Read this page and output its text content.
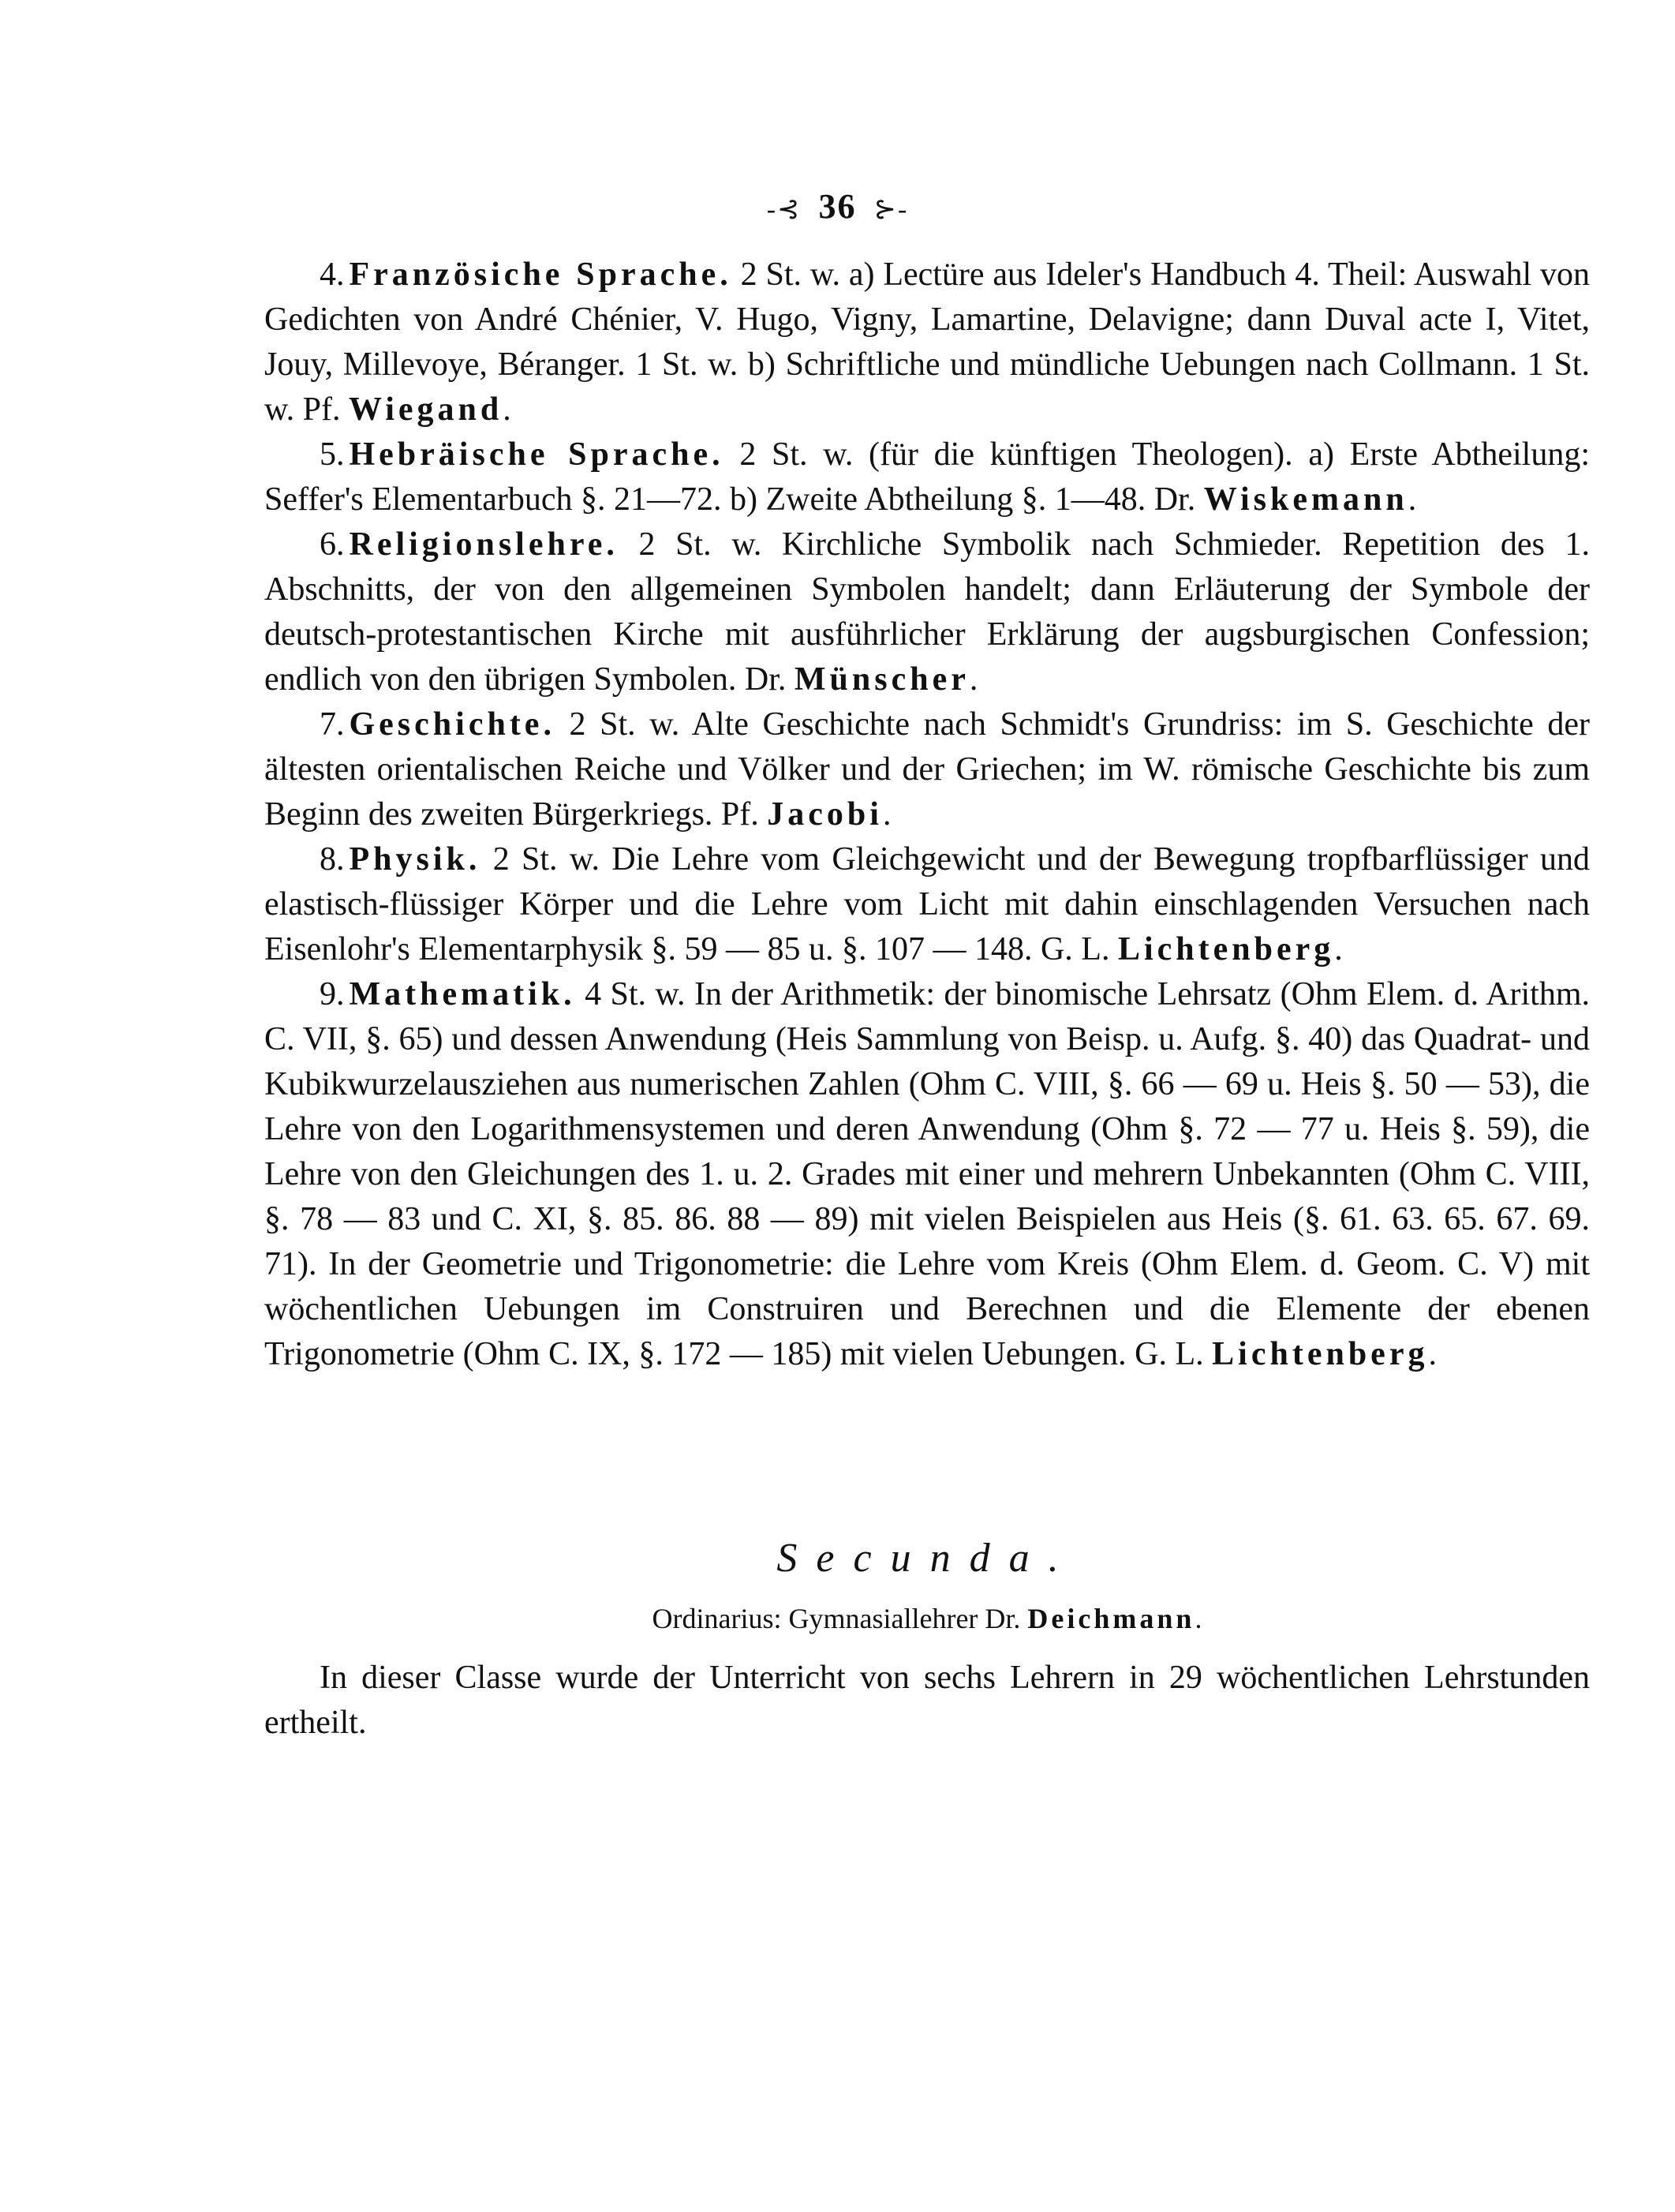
-⊰ 36 ⊱-

4. Französiche Sprache. 2 St. w. a) Lectüre aus Ideler's Handbuch 4. Theil: Auswahl von Gedichten von André Chénier, V. Hugo, Vigny, Lamartine, Delavigne; dann Duval acte I, Vitet, Jouy, Millevoye, Béranger. 1 St. w. b) Schriftliche und mündliche Uebungen nach Collmann. 1 St. w. Pf. Wiegand.

5. Hebräische Sprache. 2 St. w. (für die künftigen Theologen). a) Erste Abtheilung: Seffer's Elementarbuch §. 21—72. b) Zweite Abtheilung §. 1—48. Dr. Wiskemann.

6. Religionslehre. 2 St. w. Kirchliche Symbolik nach Schmieder. Repetition des 1. Abschnitts, der von den allgemeinen Symbolen handelt; dann Erläuterung der Symbole der deutsch-protestantischen Kirche mit ausführlicher Erklärung der augsburgischen Confession; endlich von den übrigen Symbolen. Dr. Münscher.

7. Geschichte. 2 St. w. Alte Geschichte nach Schmidt's Grundriss: im S. Geschichte der ältesten orientalischen Reiche und Völker und der Griechen; im W. römische Geschichte bis zum Beginn des zweiten Bürgerkriegs. Pf. Jacobi.

8. Physik. 2 St. w. Die Lehre vom Gleichgewicht und der Bewegung tropfbarflüssiger und elastisch-flüssiger Körper und die Lehre vom Licht mit dahin einschlagenden Versuchen nach Eisenlohr's Elementarphysik §. 59 — 85 u. §. 107 — 148. G. L. Lichtenberg.

9. Mathematik. 4 St. w. In der Arithmetik: der binomische Lehrsatz (Ohm Elem. d. Arithm. C. VII, §. 65) und dessen Anwendung (Heis Sammlung von Beisp. u. Aufg. §. 40) das Quadrat- und Kubikwurzelausziehen aus numerischen Zahlen (Ohm C. VIII, §. 66 — 69 u. Heis §. 50 — 53), die Lehre von den Logarithmensystemen und deren Anwendung (Ohm §. 72 — 77 u. Heis §. 59), die Lehre von den Gleichungen des 1. u. 2. Grades mit einer und mehrern Unbekannten (Ohm C. VIII, §. 78 — 83 und C. XI, §. 85. 86. 88 — 89) mit vielen Beispielen aus Heis (§. 61. 63. 65. 67. 69. 71). In der Geometrie und Trigonometrie: die Lehre vom Kreis (Ohm Elem. d. Geom. C. V) mit wöchentlichen Uebungen im Construiren und Berechnen und die Elemente der ebenen Trigonometrie (Ohm C. IX, §. 172 — 185) mit vielen Uebungen. G. L. Lichtenberg.

Secunda.

Ordinarius: Gymnasiallehrer Dr. Deichmann.

In dieser Classe wurde der Unterricht von sechs Lehrern in 29 wöchentlichen Lehrstunden ertheilt.
